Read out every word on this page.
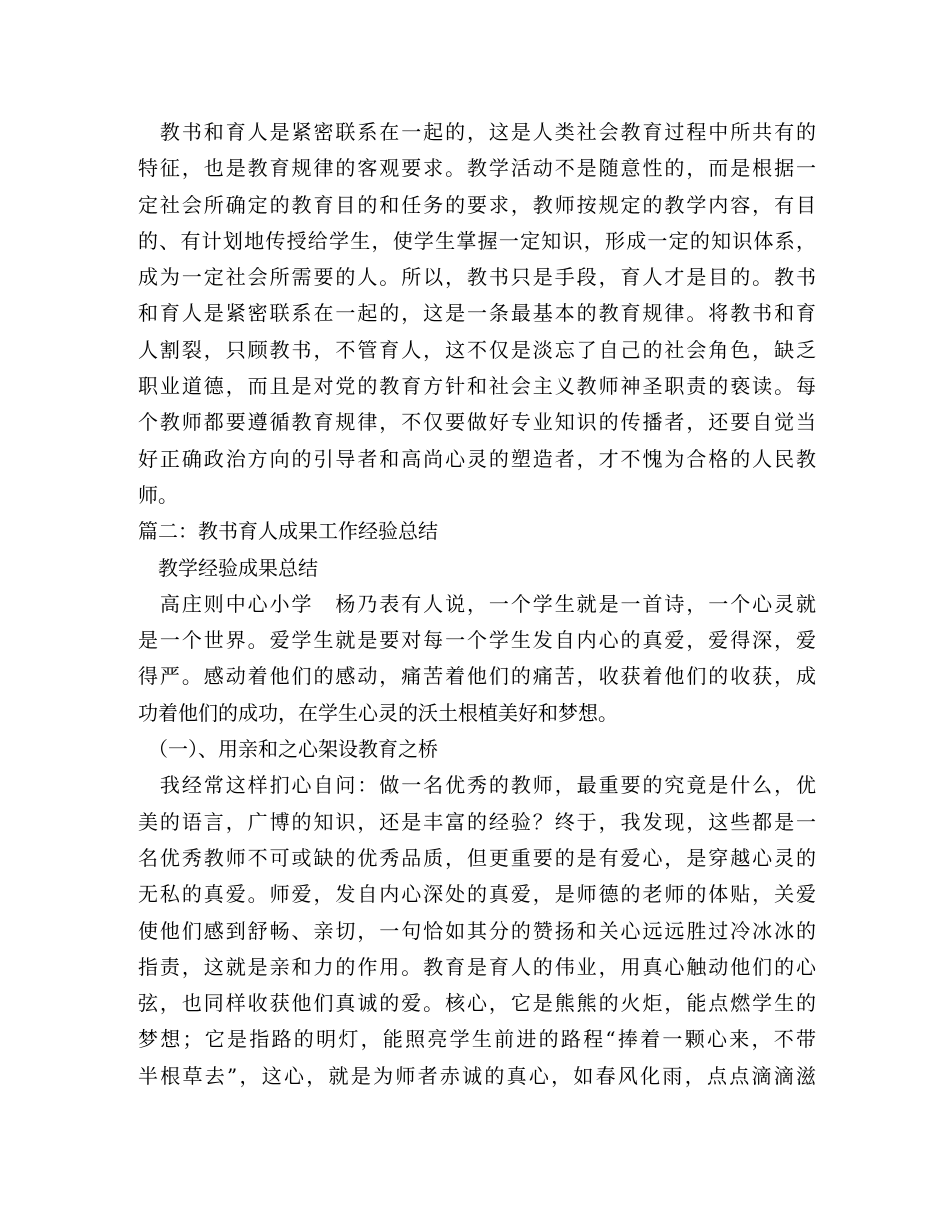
　教书和育人是紧密联系在一起的，这是人类社会教育过程中所共有的
特征，也是教育规律的客观要求。教学活动不是随意性的，而是根据一
定社会所确定的教育目的和任务的要求，教师按规定的教学内容，有目
的、有计划地传授给学生，使学生掌握一定知识，形成一定的知识体系，
成为一定社会所需要的人。所以，教书只是手段，育人才是目的。教书
和育人是紧密联系在一起的，这是一条最基本的教育规律。将教书和育
人割裂，只顾教书，不管育人，这不仅是淡忘了自己的社会角色，缺乏
职业道德，而且是对党的教育方针和社会主义教师神圣职责的亵读。每
个教师都要遵循教育规律，不仅要做好专业知识的传播者，还要自觉当
好正确政治方向的引导者和高尚心灵的塑造者，才不愧为合格的人民教
师。
篇二：教书育人成果工作经验总结
　教学经验成果总结
　高庄则中心小学　杨乃表有人说，一个学生就是一首诗，一个心灵就
是一个世界。爱学生就是要对每一个学生发自内心的真爱，爱得深，爱
得严。感动着他们的感动，痛苦着他们的痛苦，收获着他们的收获，成
功着他们的成功，在学生心灵的沃土根植美好和梦想。
　（一）、用亲和之心架设教育之桥
　我经常这样扪心自问：做一名优秀的教师，最重要的究竟是什么，优
美的语言，广博的知识，还是丰富的经验？终于，我发现，这些都是一
名优秀教师不可或缺的优秀品质，但更重要的是有爱心，是穿越心灵的
无私的真爱。师爱，发自内心深处的真爱，是师德的老师的体贴，关爱
使他们感到舒畅、亲切，一句恰如其分的赞扬和关心远远胜过冷冰冰的
指责，这就是亲和力的作用。教育是育人的伟业，用真心触动他们的心
弦，也同样收获他们真诚的爱。核心，它是熊熊的火炬，能点燃学生的
梦想；它是指路的明灯，能照亮学生前进的路程“捧着一颗心来，不带
半根草去”，这心，就是为师者赤诚的真心，如春风化雨，点点滴滴滋
